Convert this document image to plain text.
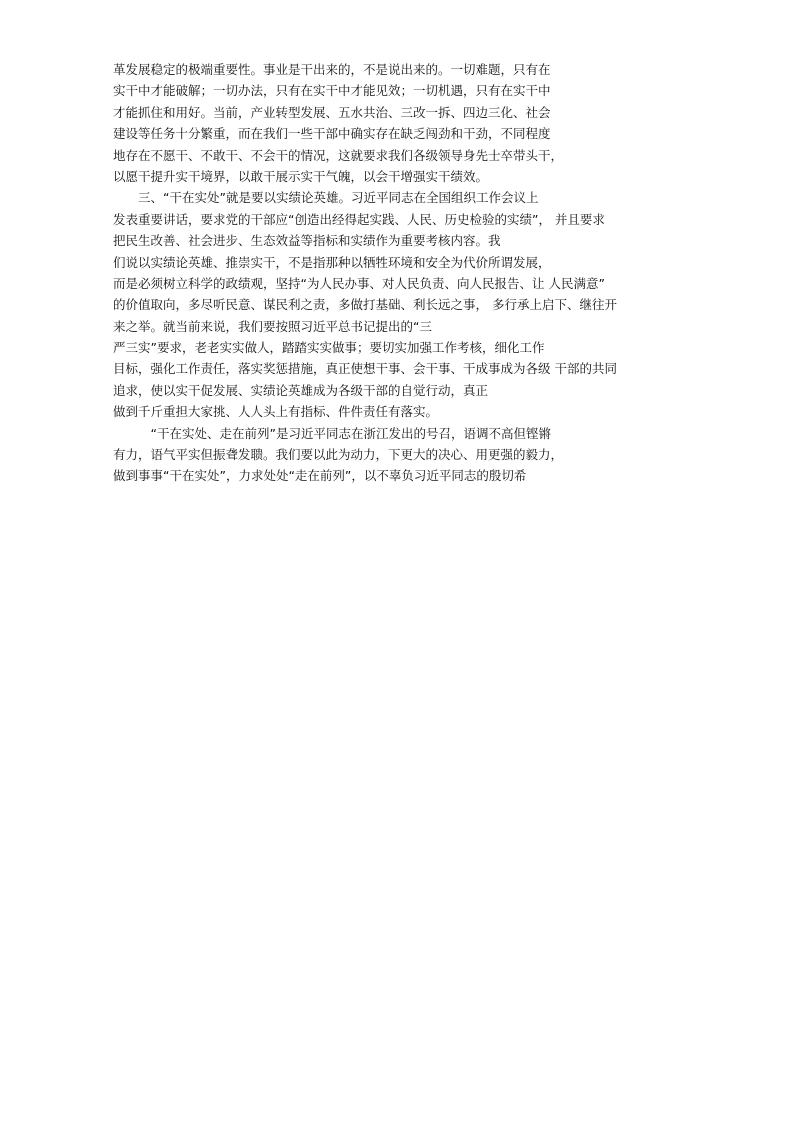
革发展稳定的极端重要性。事业是干出来的，不是说出来的。一切难题，只有在
实干中才能破解；一切办法，只有在实干中才能见效；一切机遇，只有在实干中
才能抓住和用好。当前，产业转型发展、五水共治、三改一拆、四边三化、社会
建设等任务十分繁重，而在我们一些干部中确实存在缺乏闯劲和干劲，不同程度
地存在不愿干、不敢干、不会干的情况，这就要求我们各级领导身先士卒带头干，
以愿干提升实干境界，以敢干展示实干气魄，以会干增强实干绩效。
　　三、“干在实处”就是要以实绩论英雄。习近平同志在全国组织工作会议上
发表重要讲话，要求党的干部应“创造出经得起实践、人民、历史检验的实绩”， 并且要求
把民生改善、社会进步、生态效益等指标和实绩作为重要考核内容。我
们说以实绩论英雄、推崇实干，不是指那种以牺牲环境和安全为代价所谓发展，
而是必须树立科学的政绩观，坚持“为人民办事、对人民负责、向人民报告、让 人民满意”
的价值取向，多尽听民意、谋民利之责，多做打基础、利长远之事， 多行承上启下、继往开
来之举。就当前来说，我们要按照习近平总书记提出的“三
严三实”要求，老老实实做人，踏踏实实做事；要切实加强工作考核，细化工作
目标，强化工作责任，落实奖惩措施，真正使想干事、会干事、干成事成为各级 干部的共同
追求，使以实干促发展、实绩论英雄成为各级干部的自觉行动，真正
做到千斤重担大家挑、人人头上有指标、件件责任有落实。
　　　“干在实处、走在前列”是习近平同志在浙江发出的号召，语调不高但铿锵
有力，语气平实但振聋发聩。我们要以此为动力，下更大的决心、用更强的毅力，
做到事事“干在实处”，力求处处“走在前列”，以不辜负习近平同志的殷切希
